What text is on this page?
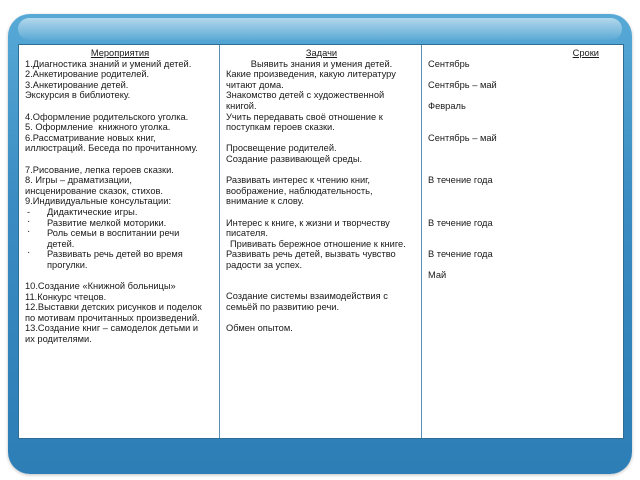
Мероприятия
1.Диагностика знаний и умений детей.
2.Анкетирование родителей.
3.Анкетирование детей.
Экскурсия в библиотеку.
4.Оформление родительского уголка.
5. Оформление  книжного уголка.
6.Рассматривание новых книг,
иллюстраций. Беседа по прочитанному.
7.Рисование, лепка героев сказки.
8. Игры – драматизации,
инсценирование сказок, стихов.
9.Индивидуальные консультации:
- Дидактические игры.
· Развитие мелкой моторики.
· Роль семьи в воспитании речи
детей.
· Развивать речь детей во время
прогулки.
10.Создание «Книжной больницы»
11.Конкурс чтецов.
12.Выставки детских рисунков и поделок
по мотивам прочитанных произведений.
13.Создание книг – самоделок детьми и
их родителями.
Задачи
Выявить знания и умения детей.
Какие произведения, какую литературу
читают дома.
Знакомство детей с художественной
книгой.
Учить передавать своё отношение к
поступкам героев сказки.
Просвещение родителей.
Создание развивающей среды.
Развивать интерес к чтению книг,
воображение, наблюдательность,
внимание к слову.
Интерес к книге, к жизни и творчеству
писателя.
Прививать бережное отношение к книге.
Развивать речь детей, вызвать чувство
радости за успех.
Создание системы взаимодействия с
семьёй по развитию речи.
Обмен опытом.
Сроки
Сентябрь
Сентябрь – май
Февраль
Сентябрь – май
В течение года
В течение года
В течение года
Май
